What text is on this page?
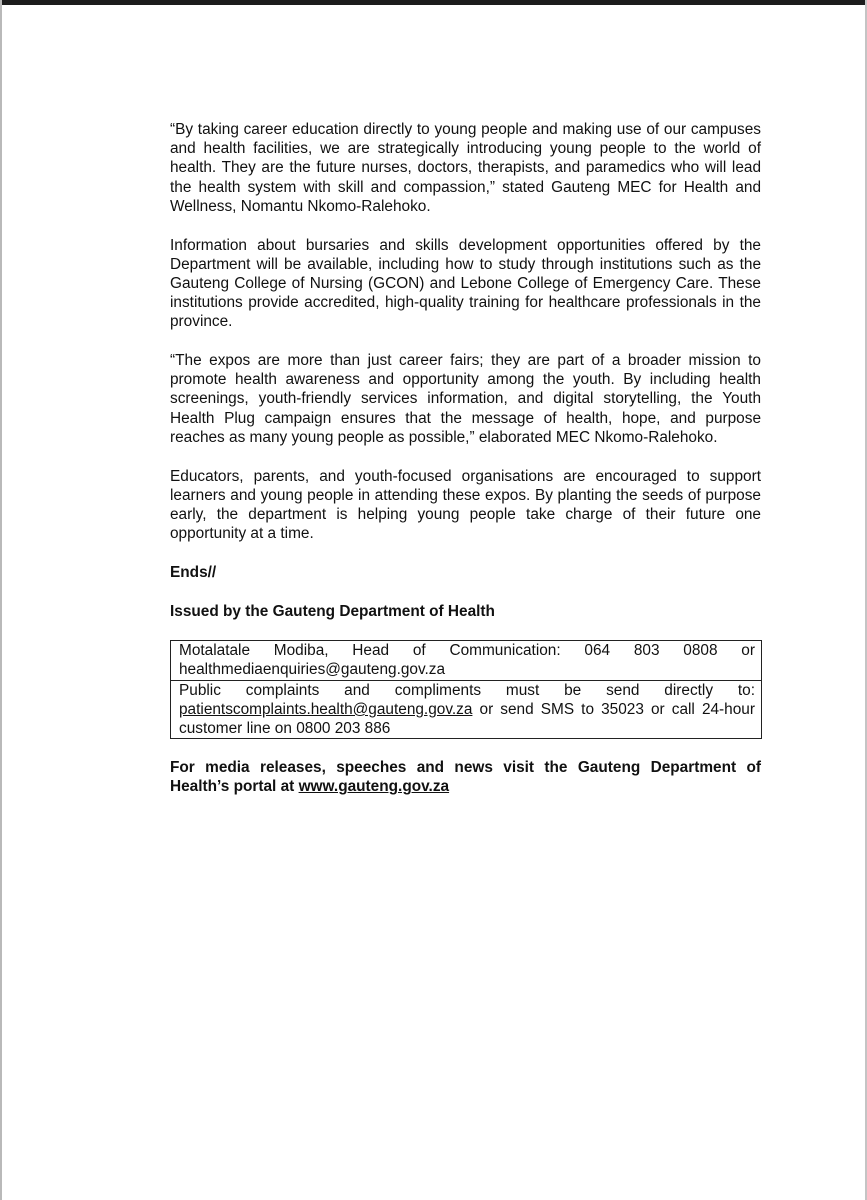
“By taking career education directly to young people and making use of our campuses and health facilities, we are strategically introducing young people to the world of health. They are the future nurses, doctors, therapists, and paramedics who will lead the health system with skill and compassion,” stated Gauteng MEC for Health and Wellness, Nomantu Nkomo-Ralehoko.

Information about bursaries and skills development opportunities offered by the Department will be available, including how to study through institutions such as the Gauteng College of Nursing (GCON) and Lebone College of Emergency Care. These institutions provide accredited, high-quality training for healthcare professionals in the province.

“The expos are more than just career fairs; they are part of a broader mission to promote health awareness and opportunity among the youth. By including health screenings, youth-friendly services information, and digital storytelling, the Youth Health Plug campaign ensures that the message of health, hope, and purpose reaches as many young people as possible,” elaborated MEC Nkomo-Ralehoko.

Educators, parents, and youth-focused organisations are encouraged to support learners and young people in attending these expos. By planting the seeds of purpose early, the department is helping young people take charge of their future one opportunity at a time.

Ends//

Issued by the Gauteng Department of Health

Motalatale Modiba, Head of Communication: 064 803 0808 or healthmediaenquiries@gauteng.gov.za
Public complaints and compliments must be send directly to: patientscomplaints.health@gauteng.gov.za or send SMS to 35023 or call 24-hour customer line on 0800 203 886

For media releases, speeches and news visit the Gauteng Department of Health’s portal at www.gauteng.gov.za
